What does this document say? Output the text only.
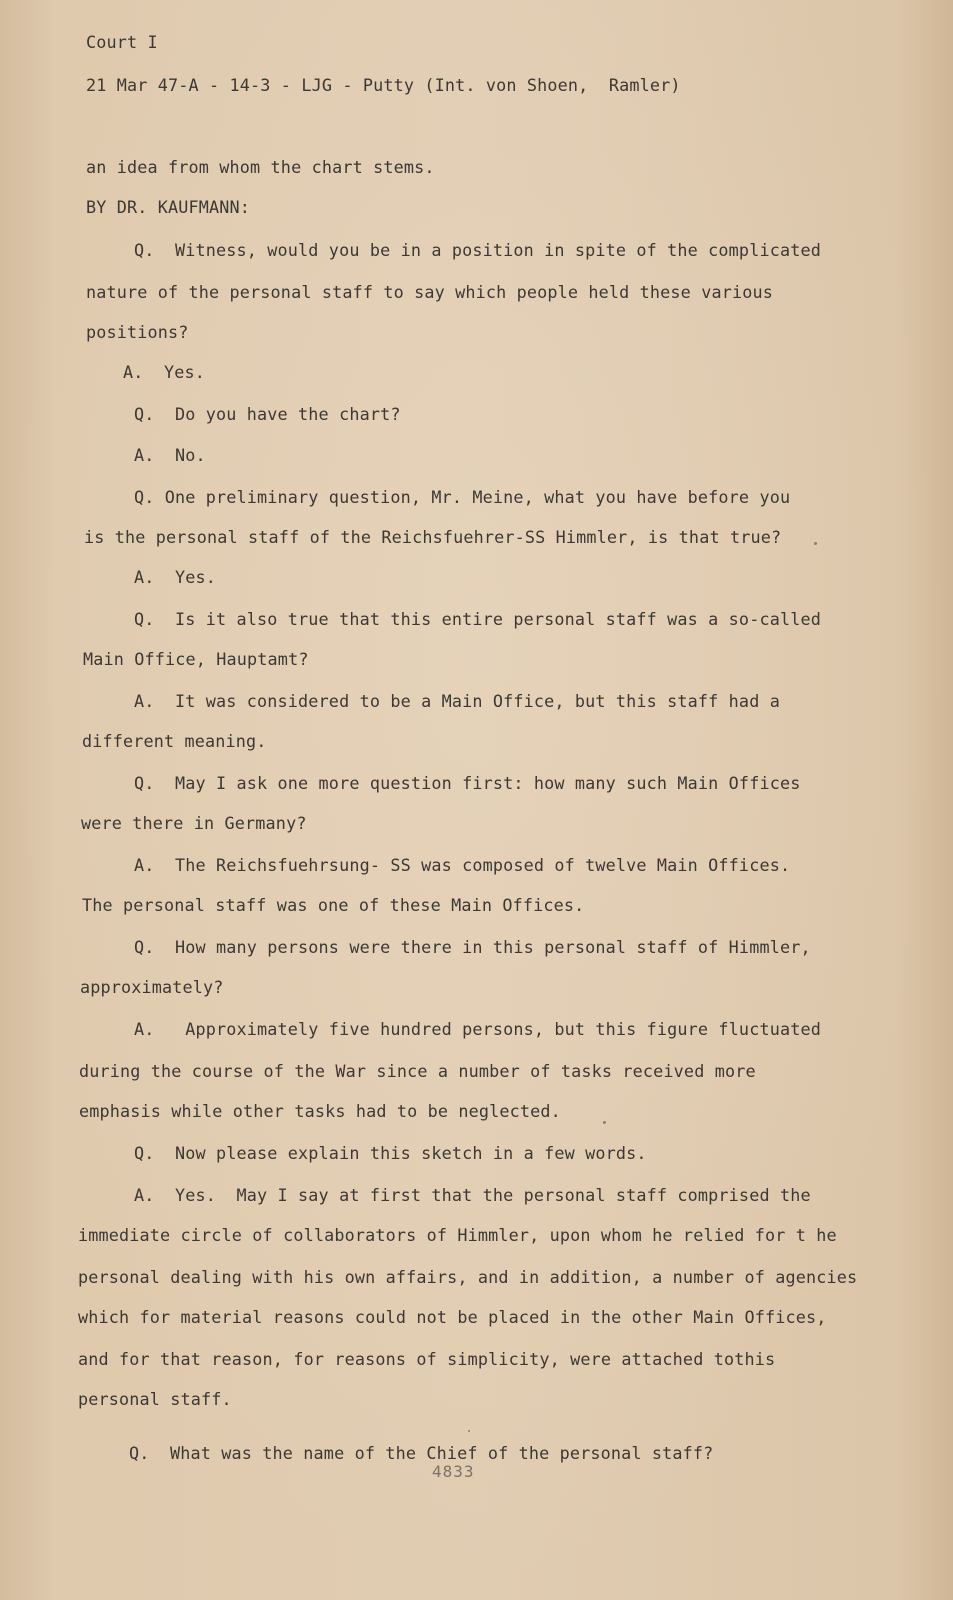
Court I
21 Mar 47-A - 14-3 - LJG - Putty (Int. von Shoen,  Ramler)
an idea from whom the chart stems.
BY DR. KAUFMANN:
Q.  Witness, would you be in a position in spite of the complicated
nature of the personal staff to say which people held these various
positions?
A.  Yes.
Q.  Do you have the chart?
A.  No.
Q. One preliminary question, Mr. Meine, what you have before you
is the personal staff of the Reichsfuehrer-SS Himmler, is that true?
A.  Yes.
Q.  Is it also true that this entire personal staff was a so-called
Main Office, Hauptamt?
A.  It was considered to be a Main Office, but this staff had a
different meaning.
Q.  May I ask one more question first: how many such Main Offices
were there in Germany?
A.  The Reichsfuehrsung- SS was composed of twelve Main Offices.
The personal staff was one of these Main Offices.
Q.  How many persons were there in this personal staff of Himmler,
approximately?
A.   Approximately five hundred persons, but this figure fluctuated
during the course of the War since a number of tasks received more
emphasis while other tasks had to be neglected.
Q.  Now please explain this sketch in a few words.
A.  Yes.  May I say at first that the personal staff comprised the
immediate circle of collaborators of Himmler, upon whom he relied for t he
personal dealing with his own affairs, and in addition, a number of agencies
which for material reasons could not be placed in the other Main Offices,
and for that reason, for reasons of simplicity, were attached tothis
personal staff.
Q.  What was the name of the Chief of the personal staff?
4833
